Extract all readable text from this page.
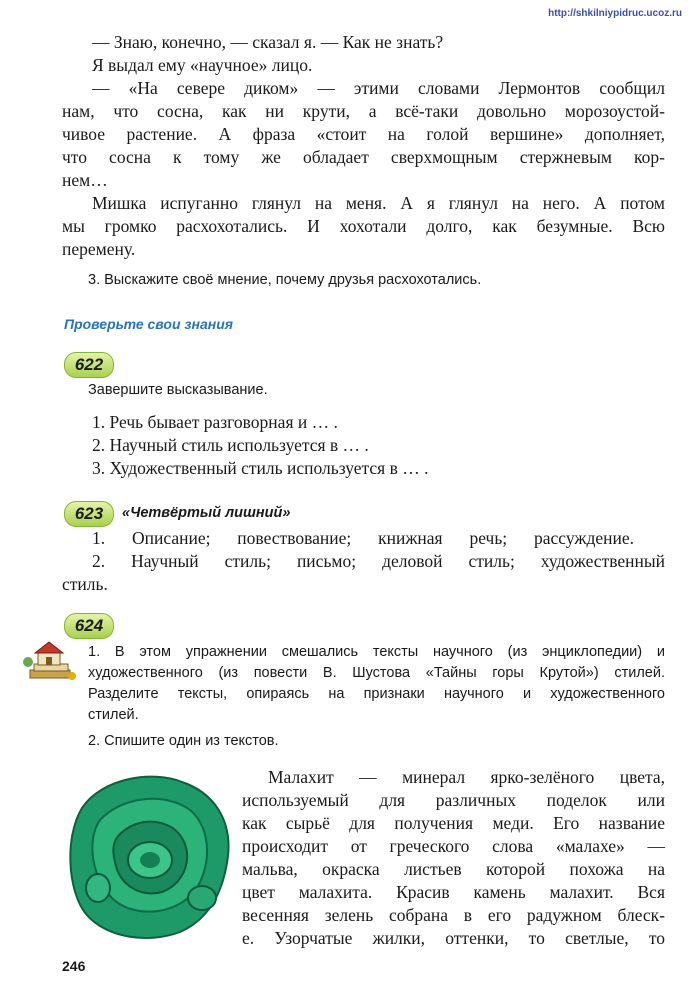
http://shkilniypidruc.ucoz.ru
— Знаю, конечно, — сказал я. — Как не знать?
Я выдал ему «научное» лицо.
— «На севере диком» — этими словами Лермонтов сообщил
нам, что сосна, как ни крути, а всё-таки довольно морозоустой-
чивое растение. А фраза «стоит на голой вершине» дополняет,
что сосна к тому же обладает сверхмощным стержневым кор-
нем…
Мишка испуганно глянул на меня. А я глянул на него. А потом
мы громко расхохотались. И хохотали долго, как безумные. Всю
перемену.
3. Выскажите своё мнение, почему друзья расхохотались.
Проверьте свои знания
622
Завершите высказывание.
1. Речь бывает разговорная и … .
2. Научный стиль используется в … .
3. Художественный стиль используется в … .
623	«Четвёртый лишний»
1. Описание; повествование; книжная речь; рассуждение.
2. Научный стиль; письмо; деловой стиль; художественный
стиль.
624
1. В этом упражнении смешались тексты научного (из энциклопедии) и
художественного (из повести В. Шустова «Тайны горы Крутой») стилей.
Разделите тексты, опираясь на признаки научного и художественного
стилей.
2. Спишите один из текстов.
Малахит — минерал ярко-зелёного цвета,
используемый для различных поделок или
как сырьё для получения меди. Его название
происходит от греческого слова «малахе» —
мальва, окраска листьев которой похожа на
цвет малахита. Красив камень малахит. Вся
весенняя зелень собрана в его радужном блеск-
е. Узорчатые жилки, оттенки, то светлые, то
246
